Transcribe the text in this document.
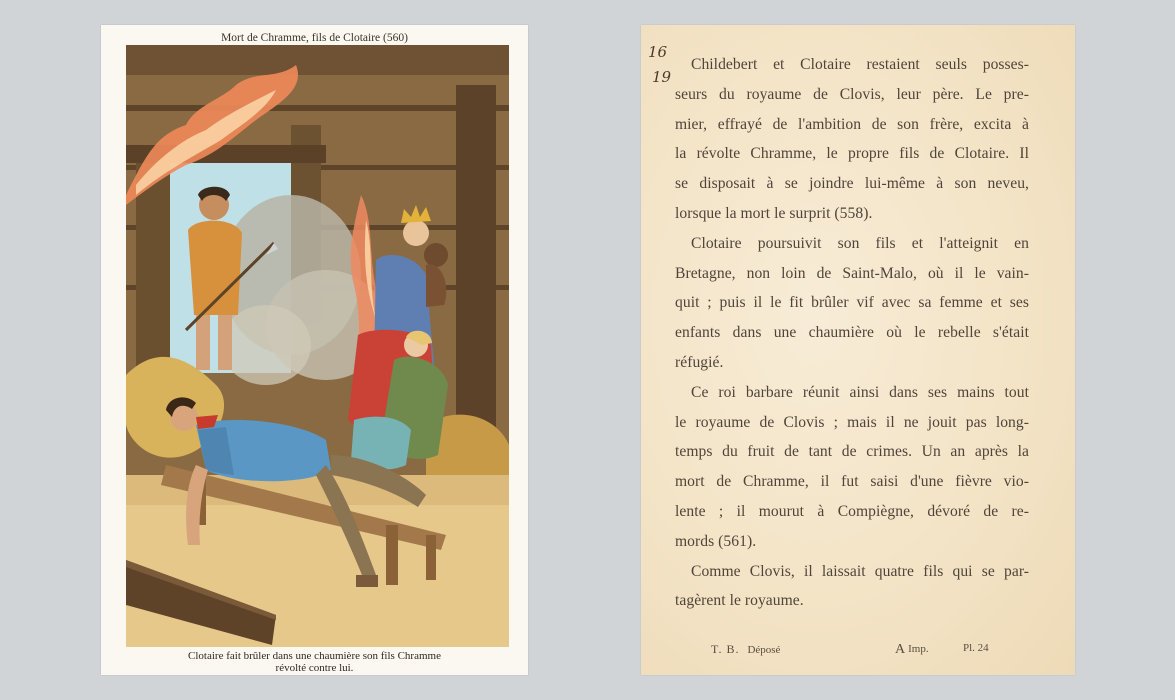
Mort de Chramme, fils de Clotaire (560)
Clotaire fait brûler dans une chaumière son fils Chramme
révolté contre lui.
16
19
Childebert et Clotaire restaient seuls posses-
seurs du royaume de Clovis, leur père. Le pre-
mier, effrayé de l'ambition de son frère, excita à
la révolte Chramme, le propre fils de Clotaire. Il
se disposait à se joindre lui-même à son neveu,
lorsque la mort le surprit (558).
Clotaire poursuivit son fils et l'atteignit en
Bretagne, non loin de Saint-Malo, où il le vain-
quit ; puis il le fit brûler vif avec sa femme et ses
enfants dans une chaumière où le rebelle s'était
réfugié.
Ce roi barbare réunit ainsi dans ses mains tout
le royaume de Clovis ; mais il ne jouit pas long-
temps du fruit de tant de crimes. Un an après la
mort de Chramme, il fut saisi d'une fièvre vio-
lente ; il mourut à Compiègne, dévoré de re-
mords (561).
Comme Clovis, il laissait quatre fils qui se par-
tagèrent le royaume.
T. B. Déposé	A Imp.	Pl. 24
